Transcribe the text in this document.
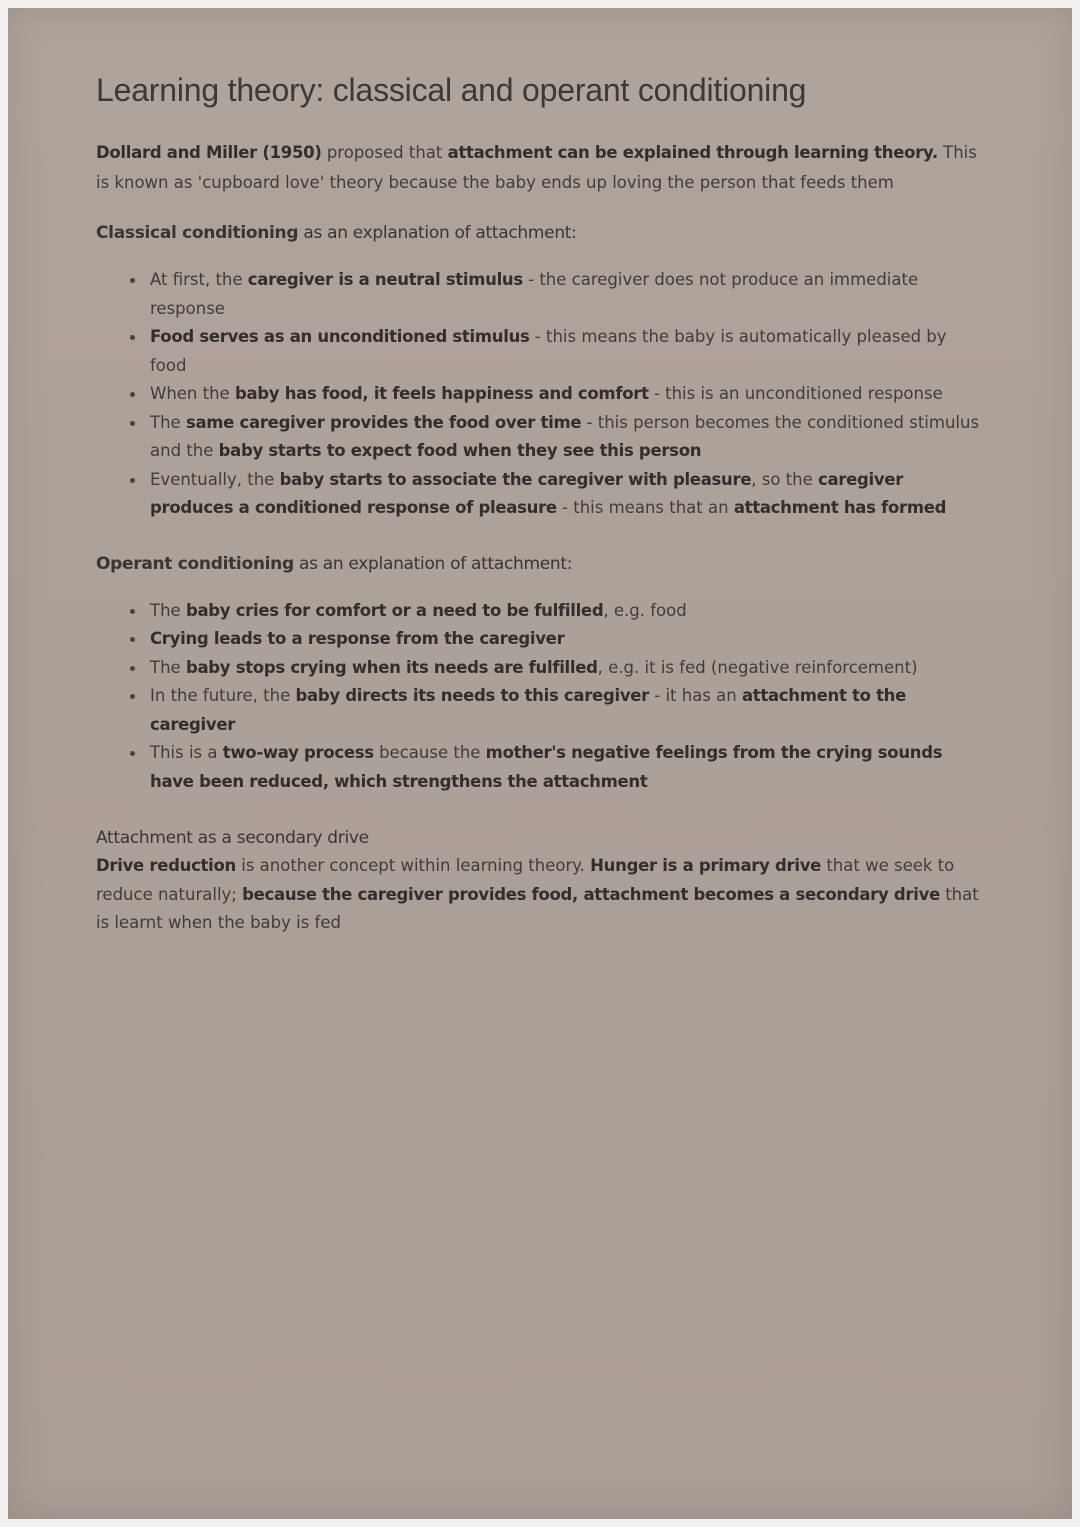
Learning theory: classical and operant conditioning

Dollard and Miller (1950) proposed that attachment can be explained through learning theory. This is known as 'cupboard love' theory because the baby ends up loving the person that feeds them

Classical conditioning as an explanation of attachment:
At first, the caregiver is a neutral stimulus - the caregiver does not produce an immediate response
Food serves as an unconditioned stimulus - this means the baby is automatically pleased by food
When the baby has food, it feels happiness and comfort - this is an unconditioned response
The same caregiver provides the food over time - this person becomes the conditioned stimulus and the baby starts to expect food when they see this person
Eventually, the baby starts to associate the caregiver with pleasure, so the caregiver produces a conditioned response of pleasure - this means that an attachment has formed
Operant conditioning as an explanation of attachment:
The baby cries for comfort or a need to be fulfilled, e.g. food
Crying leads to a response from the caregiver
The baby stops crying when its needs are fulfilled, e.g. it is fed (negative reinforcement)
In the future, the baby directs its needs to this caregiver - it has an attachment to the caregiver
This is a two-way process because the mother's negative feelings from the crying sounds have been reduced, which strengthens the attachment
Attachment as a secondary drive

Drive reduction is another concept within learning theory. Hunger is a primary drive that we seek to reduce naturally; because the caregiver provides food, attachment becomes a secondary drive that is learnt when the baby is fed
